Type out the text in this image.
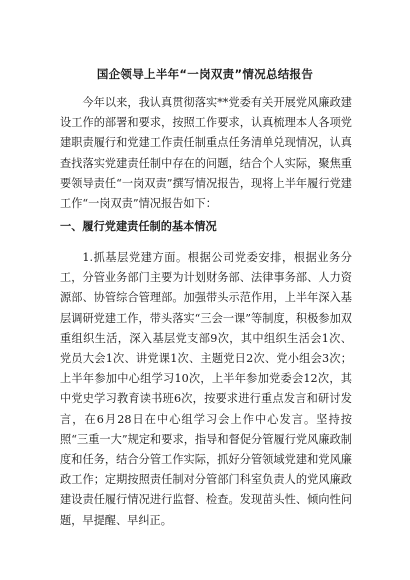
国企领导上半年“一岗双责”情况总结报告

今年以来，我认真贯彻落实**党委有关开展党风廉政建设工作的部署和要求，按照工作要求，认真梳理本人各项党建职责履行和党建工作责任制重点任务清单兑现情况，认真查找落实党建责任制中存在的问题，结合个人实际，聚焦重要领导责任“一岗双责”撰写情况报告，现将上半年履行党建工作“一岗双责”情况报告如下：

一、履行党建责任制的基本情况

1.抓基层党建方面。根据公司党委安排，根据业务分工，分管业务部门主要为计划财务部、法律事务部、人力资源部、协管综合管理部。加强带头示范作用，上半年深入基层调研党建工作，带头落实“三会一课”等制度，积极参加双重组织生活，深入基层党支部9次，其中组织生活会1次、党员大会1次、讲党课1次、主题党日2次、党小组会3次；上半年参加中心组学习10次，上半年参加党委会12次，其中党史学习教育读书班6次，按要求进行重点发言和研讨发言，在6月28日在中心组学习会上作中心发言。坚持按照“三重一大”规定和要求，指导和督促分管履行党风廉政制度和任务，结合分管工作实际，抓好分管领域党建和党风廉政工作；定期按照责任制对分管部门科室负责人的党风廉政建设责任履行情况进行监督、检查。发现苗头性、倾向性问题，早提醒、早纠正。
